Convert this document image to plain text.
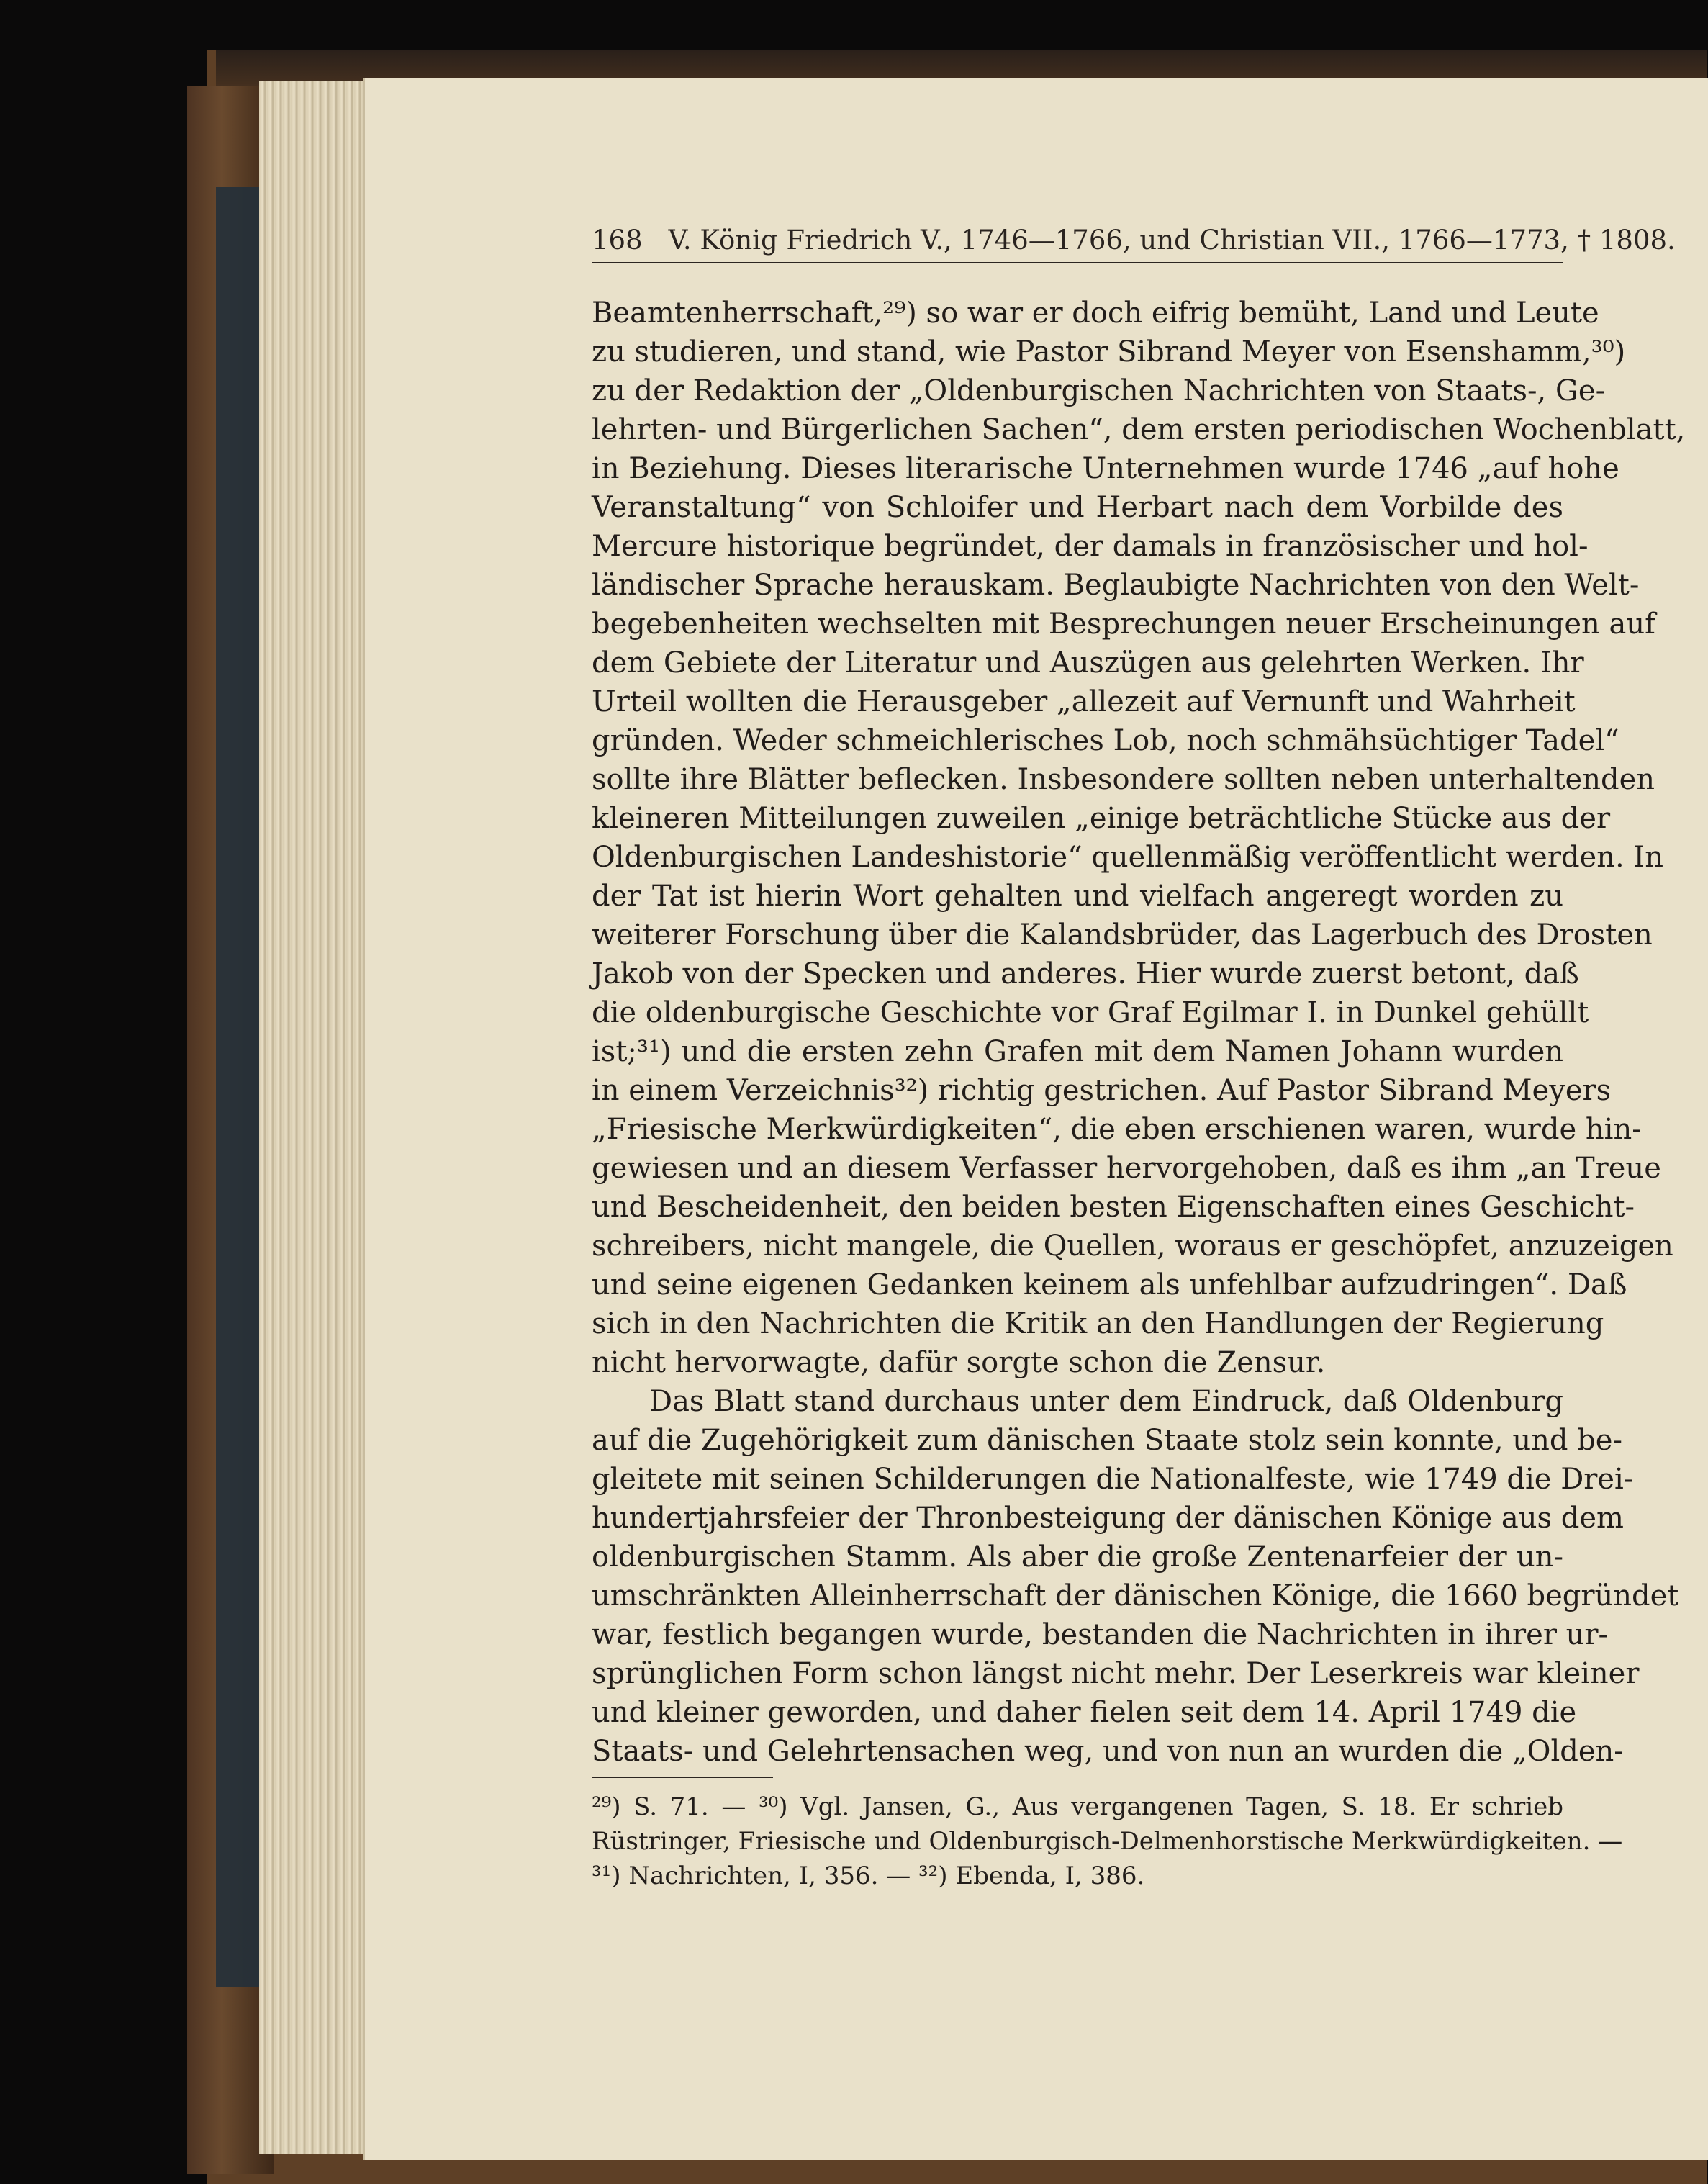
168 V. König Friedrich V., 1746—1766, und Christian VII., 1766—1773, † 1808.
Beamtenherrschaft,²⁹) so war er doch eifrig bemüht, Land und Leute
zu studieren, und stand, wie Pastor Sibrand Meyer von Esenshamm,³⁰)
zu der Redaktion der „Oldenburgischen Nachrichten von Staats-, Ge-
lehrten- und Bürgerlichen Sachen“, dem ersten periodischen Wochenblatt,
in Beziehung. Dieses literarische Unternehmen wurde 1746 „auf hohe
Veranstaltung“ von Schloifer und Herbart nach dem Vorbilde des
Mercure historique begründet, der damals in französischer und hol-
ländischer Sprache herauskam. Beglaubigte Nachrichten von den Welt-
begebenheiten wechselten mit Besprechungen neuer Erscheinungen auf
dem Gebiete der Literatur und Auszügen aus gelehrten Werken. Ihr
Urteil wollten die Herausgeber „allezeit auf Vernunft und Wahrheit
gründen. Weder schmeichlerisches Lob, noch schmähsüchtiger Tadel“
sollte ihre Blätter beflecken. Insbesondere sollten neben unterhaltenden
kleineren Mitteilungen zuweilen „einige beträchtliche Stücke aus der
Oldenburgischen Landeshistorie“ quellenmäßig veröffentlicht werden. In
der Tat ist hierin Wort gehalten und vielfach angeregt worden zu
weiterer Forschung über die Kalandsbrüder, das Lagerbuch des Drosten
Jakob von der Specken und anderes. Hier wurde zuerst betont, daß
die oldenburgische Geschichte vor Graf Egilmar I. in Dunkel gehüllt
ist;³¹) und die ersten zehn Grafen mit dem Namen Johann wurden
in einem Verzeichnis³²) richtig gestrichen. Auf Pastor Sibrand Meyers
„Friesische Merkwürdigkeiten“, die eben erschienen waren, wurde hin-
gewiesen und an diesem Verfasser hervorgehoben, daß es ihm „an Treue
und Bescheidenheit, den beiden besten Eigenschaften eines Geschicht-
schreibers, nicht mangele, die Quellen, woraus er geschöpfet, anzuzeigen
und seine eigenen Gedanken keinem als unfehlbar aufzudringen“. Daß
sich in den Nachrichten die Kritik an den Handlungen der Regierung
nicht hervorwagte, dafür sorgte schon die Zensur.
Das Blatt stand durchaus unter dem Eindruck, daß Oldenburg
auf die Zugehörigkeit zum dänischen Staate stolz sein konnte, und be-
gleitete mit seinen Schilderungen die Nationalfeste, wie 1749 die Drei-
hundertjahrsfeier der Thronbesteigung der dänischen Könige aus dem
oldenburgischen Stamm. Als aber die große Zentenarfeier der un-
umschränkten Alleinherrschaft der dänischen Könige, die 1660 begründet
war, festlich begangen wurde, bestanden die Nachrichten in ihrer ur-
sprünglichen Form schon längst nicht mehr. Der Leserkreis war kleiner
und kleiner geworden, und daher fielen seit dem 14. April 1749 die
Staats- und Gelehrtensachen weg, und von nun an wurden die „Olden-
²⁹) S. 71. — ³⁰) Vgl. Jansen, G., Aus vergangenen Tagen, S. 18. Er schrieb
Rüstringer, Friesische und Oldenburgisch-Delmenhorstische Merkwürdigkeiten. —
³¹) Nachrichten, I, 356. — ³²) Ebenda, I, 386.
